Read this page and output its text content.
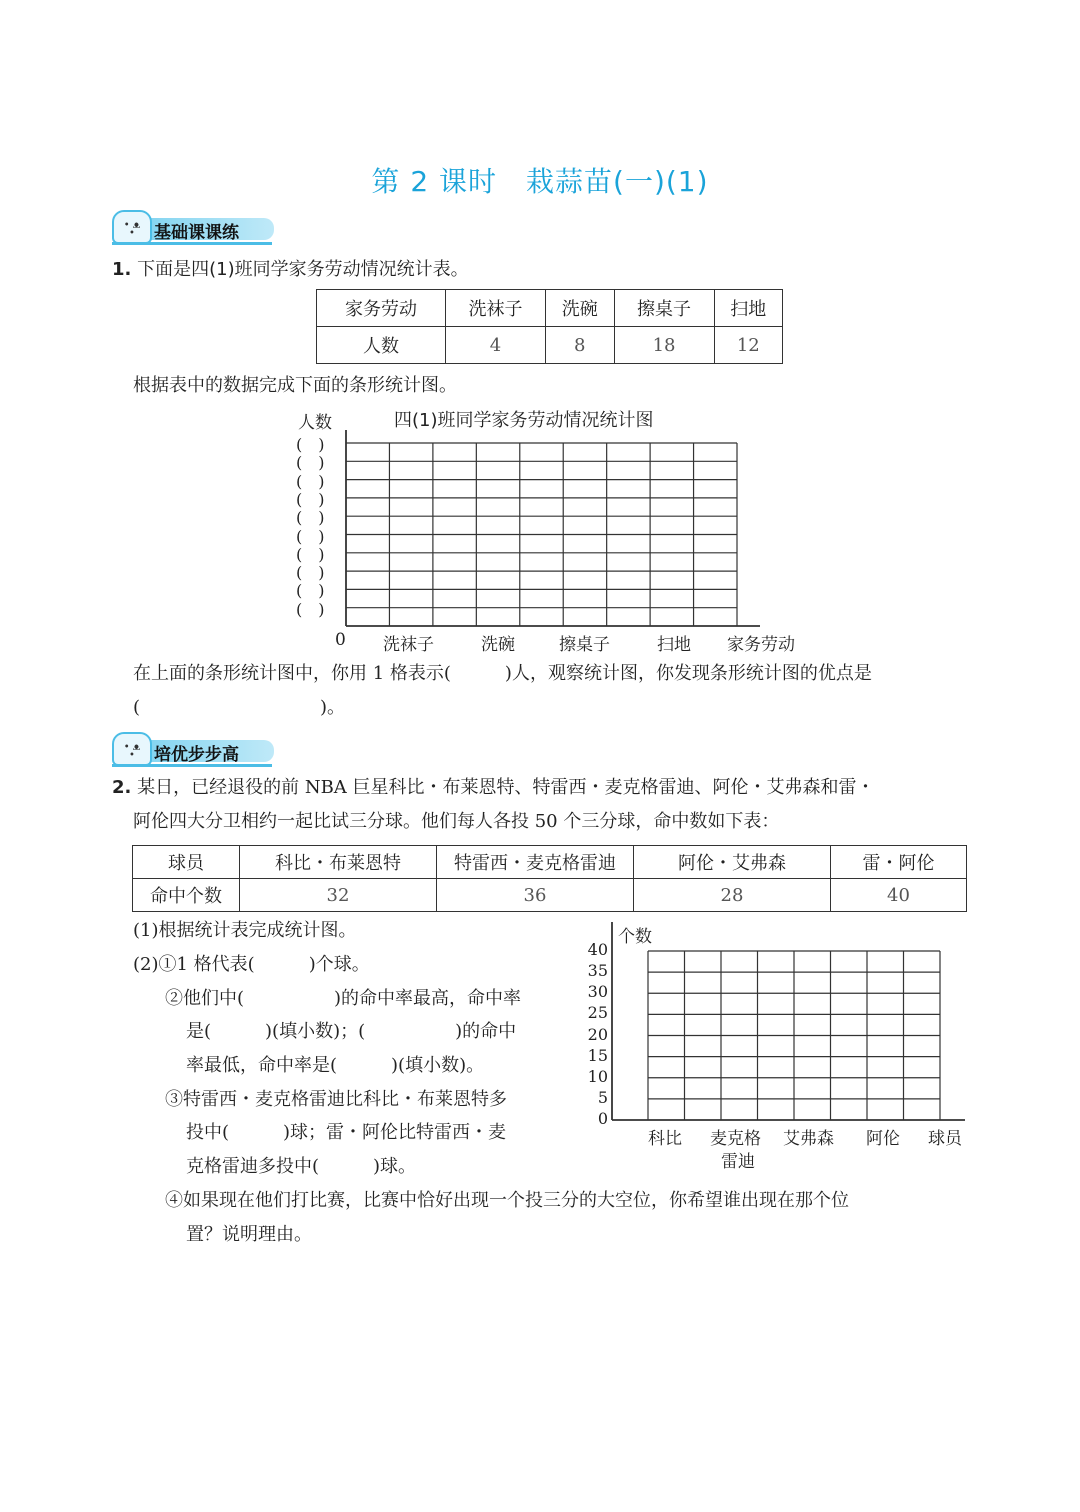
第 2 课时　栽蒜苗(一)(1)
• ᴥ •	基础课课练
1. 下面是四(1)班同学家务劳动情况统计表。
家务劳动	洗袜子	洗碗	擦桌子	扫地
人数	4	8	18	12
根据表中的数据完成下面的条形统计图。
人数	四(1)班同学家务劳动情况统计图
(　)
(　)
(　)
(　)
(　)
(　)
(　)
(　)
(　)
(　)
0 洗袜子	洗碗	擦桌子	扫地 家务劳动
在上面的条形统计图中，你用 1 格表示(　　　)人，观察统计图，你发现条形统计图的优点是
(　　　　　　　　　　)。
• ᴥ •	培优步步高
2. 某日，已经退役的前 NBA 巨星科比・布莱恩特、特雷西・麦克格雷迪、阿伦・艾弗森和雷・
阿伦四大分卫相约一起比试三分球。他们每人各投 50 个三分球，命中数如下表：
球员	科比・布莱恩特	特雷西・麦克格雷迪	阿伦・艾弗森	雷・阿伦
命中个数	32	36	28	40
(1)根据统计表完成统计图。
(2)①1 格代表(　　　)个球。
②他们中(　　　　　)的命中率最高，命中率
是(　　　)(填小数)；(　　　　　)的命中
率最低，命中率是(　　　)(填小数)。
③特雷西・麦克格雷迪比科比・布莱恩特多
投中(　　　)球；雷・阿伦比特雷西・麦
克格雷迪多投中(　　　)球。
④如果现在他们打比赛，比赛中恰好出现一个投三分的大空位，你希望谁出现在那个位
置？说明理由。
个数
40
35
30
25
20
15
10
5
0
科比 麦克格
雷迪
艾弗森 阿伦 球员
